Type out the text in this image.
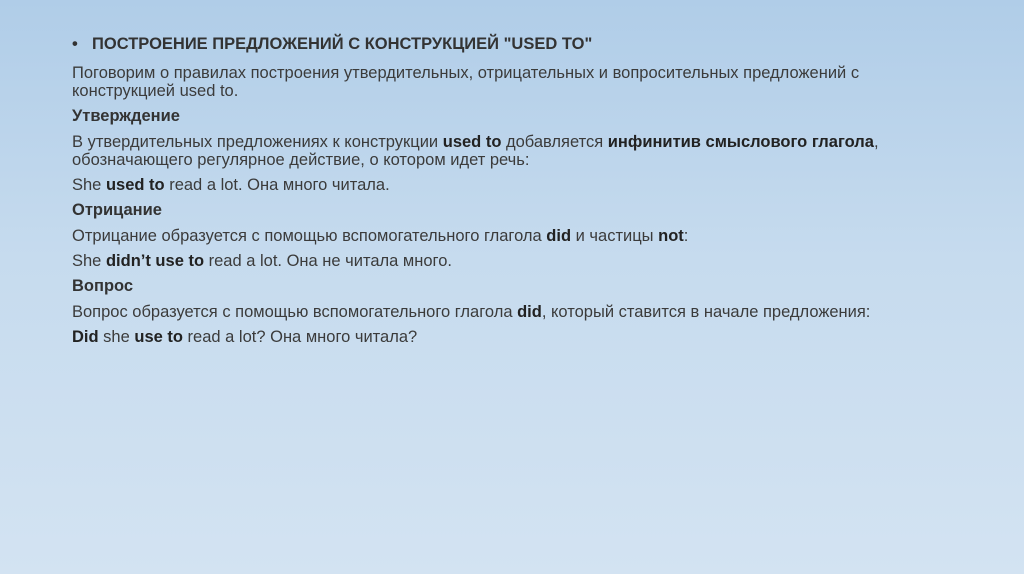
• ПОСТРОЕНИЕ ПРЕДЛОЖЕНИЙ С КОНСТРУКЦИЕЙ "USED TO"

Поговорим о правилах построения утвердительных, отрицательных и вопросительных предложений с конструкцией used to.

Утверждение

В утвердительных предложениях к конструкции used to добавляется инфинитив смыслового глагола, обозначающего регулярное действие, о котором идет речь:

She used to read a lot. Она много читала.

Отрицание

Отрицание образуется с помощью вспомогательного глагола did и частицы not:

She didn’t use to read a lot. Она не читала много.

Вопрос

Вопрос образуется с помощью вспомогательного глагола did, который ставится в начале предложения:

Did she use to read a lot? Она много читала?
